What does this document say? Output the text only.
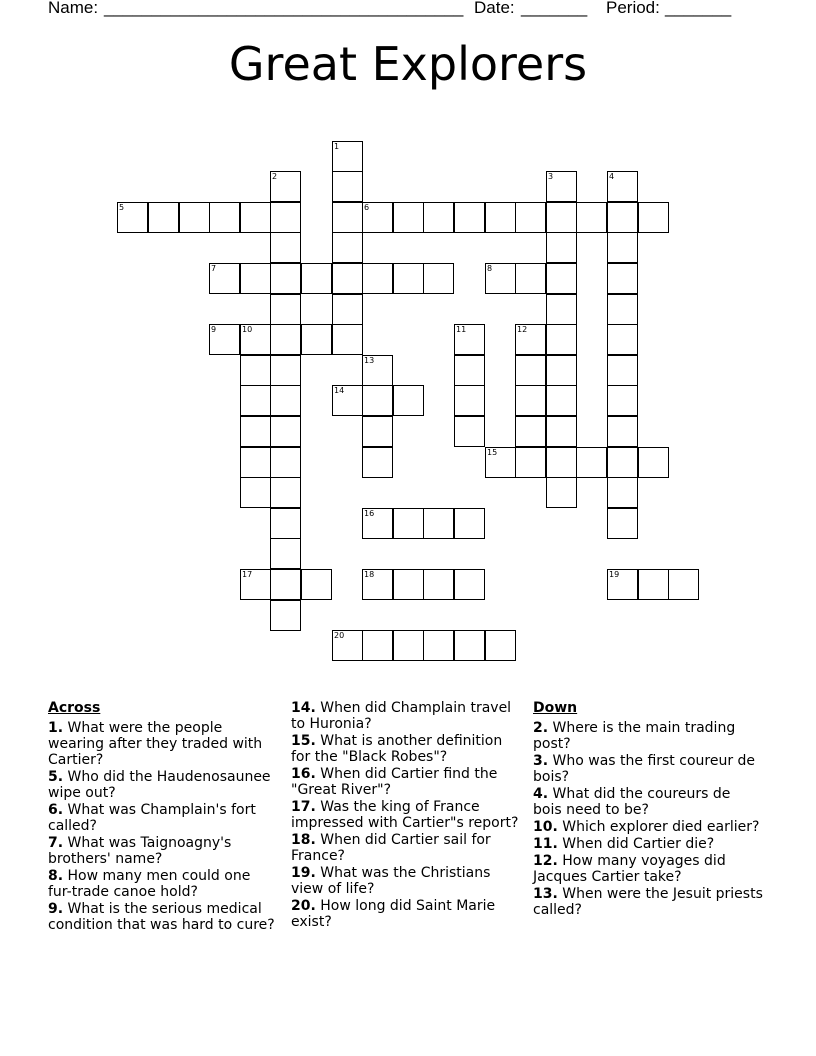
Name: ______________________________________ Date: _______ Period: _______
Great Explorers
1
2	3	4
5	6
7	8
9	10	11	12
13
14
15
16
17	18	19
20
Across
1. What were the people wearing after they traded with Cartier?
5. Who did the Haudenosaunee wipe out?
6. What was Champlain's fort called?
7. What was Taignoagny's brothers' name?
8. How many men could one fur-trade canoe hold?
9. What is the serious medical condition that was hard to cure?
14. When did Champlain travel to Huronia?
15. What is another definition for the "Black Robes"?
16. When did Cartier find the "Great River"?
17. Was the king of France impressed with Cartier"s report?
18. When did Cartier sail for France?
19. What was the Christians view of life?
20. How long did Saint Marie exist?
Down
2. Where is the main trading post?
3. Who was the first coureur de bois?
4. What did the coureurs de bois need to be?
10. Which explorer died earlier?
11. When did Cartier die?
12. How many voyages did Jacques Cartier take?
13. When were the Jesuit priests called?
